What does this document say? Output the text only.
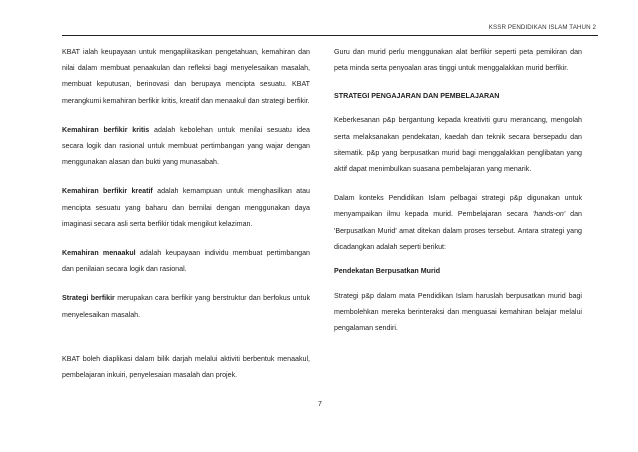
KSSR PENDIDIKAN ISLAM TAHUN 2

KBAT ialah keupayaan untuk mengaplikasikan pengetahuan, kemahiran dan nilai dalam membuat penaakulan dan refleksi bagi menyelesaikan masalah, membuat keputusan, berinovasi dan berupaya mencipta sesuatu. KBAT merangkumi kemahiran berfikir kritis, kreatif dan menaakul dan strategi berfikir.

Kemahiran berfikir kritis adalah kebolehan untuk menilai sesuatu idea secara logik dan rasional untuk membuat pertimbangan yang wajar dengan menggunakan alasan dan bukti yang munasabah.

Kemahiran berfikir kreatif adalah kemampuan untuk menghasilkan atau mencipta sesuatu yang baharu dan bernilai dengan menggunakan daya imaginasi secara asli serta berfikir tidak mengikut kelaziman.

Kemahiran menaakul adalah keupayaan individu membuat pertimbangan dan penilaian secara logik dan rasional.

Strategi berfikir merupakan cara berfikir yang berstruktur dan berfokus untuk menyelesaikan masalah.

KBAT boleh diaplikasi dalam bilik darjah melalui aktiviti berbentuk menaakul, pembelajaran inkuiri, penyelesaian masalah dan projek.

Guru dan murid perlu menggunakan alat berfikir seperti peta pemikiran dan peta minda serta penyoalan aras tinggi untuk menggalakkan murid berfikir.

STRATEGI PENGAJARAN DAN PEMBELAJARAN

Keberkesanan p&p bergantung kepada kreativiti guru merancang, mengolah serta melaksanakan pendekatan, kaedah dan teknik secara bersepadu dan sitematik. p&p yang berpusatkan murid bagi menggalakkan penglibatan yang aktif dapat menimbulkan suasana pembelajaran yang menarik.

Dalam konteks Pendidikan Islam pelbagai strategi p&p digunakan untuk menyampaikan ilmu kepada murid. Pembelajaran secara 'hands-on' dan 'Berpusatkan Murid' amat ditekan dalam proses tersebut. Antara strategi yang dicadangkan adalah seperti berikut:

Pendekatan Berpusatkan Murid

Strategi p&p dalam mata Pendidikan Islam haruslah berpusatkan murid bagi membolehkan mereka berinteraksi dan menguasai kemahiran belajar melalui pengalaman sendiri.

7
